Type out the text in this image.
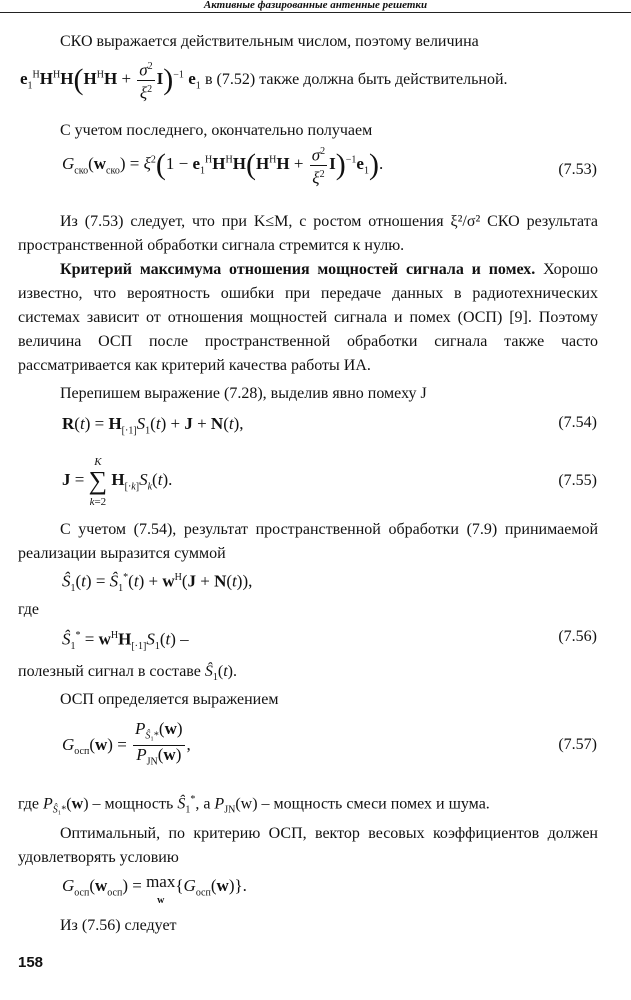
Активные фазированные антенные решетки
СКО выражается действительным числом, поэтому величина
$e_1^HH^HH(H^HH + \frac{\sigma^2}{\xi^2} I)^{-1}$ $e_1$ в (7.52) также должна быть действительной.
С учетом последнего, окончательно получаем
$G_{ско}(w_{ско}) = \xi^2(1 - e_1^HH^HH(H^HH + \frac{\sigma^2}{\xi^2} I)^{-1}e_1)$.	(7.53)
Из (7.53) следует, что при K≤M, с ростом отношения ξ²/σ² СКО результата пространственной обработки сигнала стремится к нулю.
Критерий максимума отношения мощностей сигнала и помех. Хорошо известно, что вероятность ошибки при передаче данных в радиотехнических системах зависит от отношения мощностей сигнала и помех (ОСП) [9]. Поэтому величина ОСП после пространственной обработки сигнала также часто рассматривается как критерий качества работы ИА.
Перепишем выражение (7.28), выделив явно помеху J
$R(t) = H_{[\cdot 1]}S_1(t) + J + N(t)$,	(7.54)
J = K
∑
k=2 $H_{[\cdot k]}S_k(t)$.	(7.55)
С учетом (7.54), результат пространственной обработки (7.9) принимаемой реализации выразится суммой
$Ŝ_1(t)$ = $Ŝ_1^*(t) + w^H(J + N(t))$,
где
$Ŝ_1^* = w^HH_{[\cdot 1]}S_1(t)$ –	(7.56)
полезный сигнал в составе $Ŝ_1(t)$.
ОСП определяется выражением
$G_{осп}(w) = \frac{P_{Ŝ_1*}(w)}{P_{JN}(w)}$ ,	(7.57)
где $P_{Ŝ_1*}(w)$ – мощность $Ŝ_1^*$, а $P_{JN}(w)$ – мощность смеси помех и шума.
Оптимальный, по критерию ОСП, вектор весовых коэффициентов должен удовлетворять условию
$G_{осп}(w_{осп}) = \max$
$w\{G_{осп}(w)\}$.
Из (7.56) следует
158
